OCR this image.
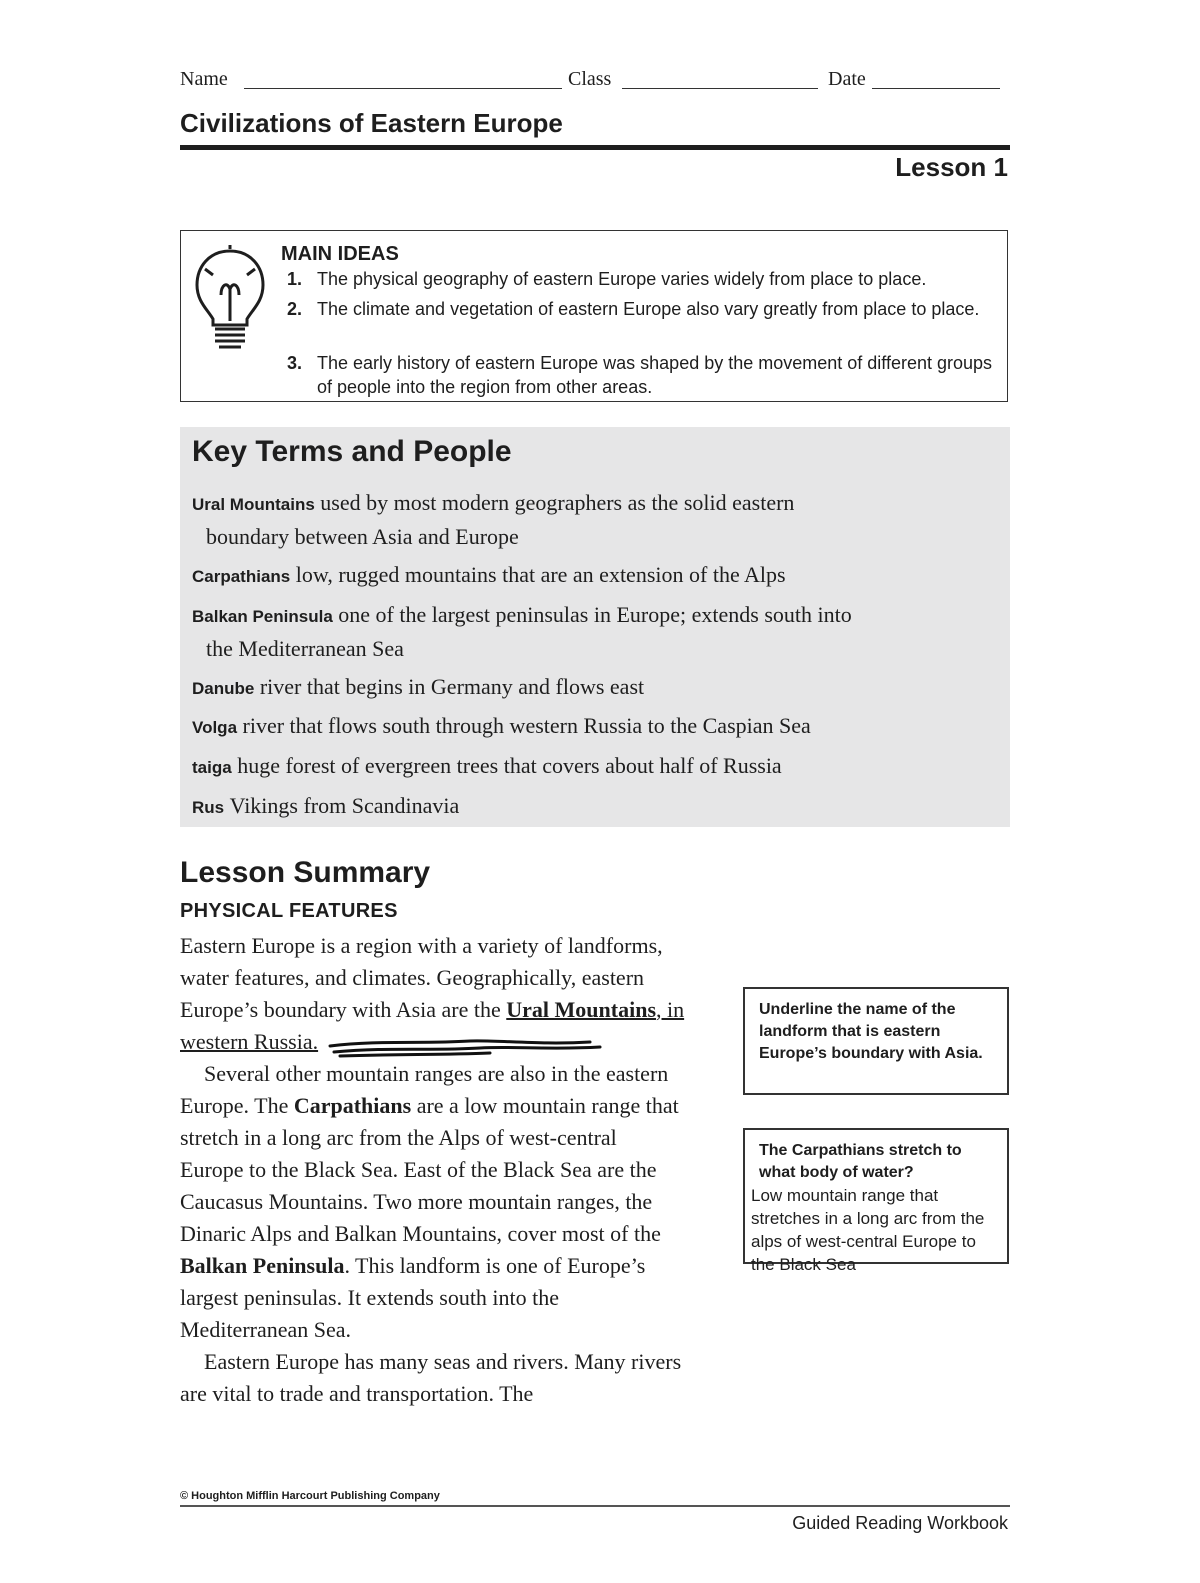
Name	Class	Date
Civilizations of Eastern Europe
Lesson 1
MAIN IDEAS
1. The physical geography of eastern Europe varies widely from place to place.
2. The climate and vegetation of eastern Europe also vary greatly from place to place.
3. The early history of eastern Europe was shaped by the movement of different groups of people into the region from other areas.
Key Terms and People
Ural Mountains used by most modern geographers as the solid eastern
boundary between Asia and Europe
Carpathians low, rugged mountains that are an extension of the Alps
Balkan Peninsula one of the largest peninsulas in Europe; extends south into
the Mediterranean Sea
Danube river that begins in Germany and flows east
Volga river that flows south through western Russia to the Caspian Sea
taiga huge forest of evergreen trees that covers about half of Russia
Rus Vikings from Scandinavia
Lesson Summary
PHYSICAL FEATURES

Eastern Europe is a region with a variety of landforms, water features, and climates. Geographically, eastern Europe’s boundary with Asia are the Ural Mountains, in western Russia.

Several other mountain ranges are also in the eastern Europe. The Carpathians are a low mountain range that stretch in a long arc from the Alps of west-central Europe to the Black Sea. East of the Black Sea are the Caucasus Mountains. Two more mountain ranges, the Dinaric Alps and Balkan Mountains, cover most of the Balkan Peninsula. This landform is one of Europe’s largest peninsulas. It extends south into the Mediterranean Sea.

Eastern Europe has many seas and rivers. Many rivers are vital to trade and transportation. The

Underline the name of the landform that is eastern Europe’s boundary with Asia.
The Carpathians stretch to what body of water?
Low mountain range that stretches in a long arc from the alps of west-central Europe to the Black Sea
© Houghton Mifflin Harcourt Publishing Company
Guided Reading Workbook
